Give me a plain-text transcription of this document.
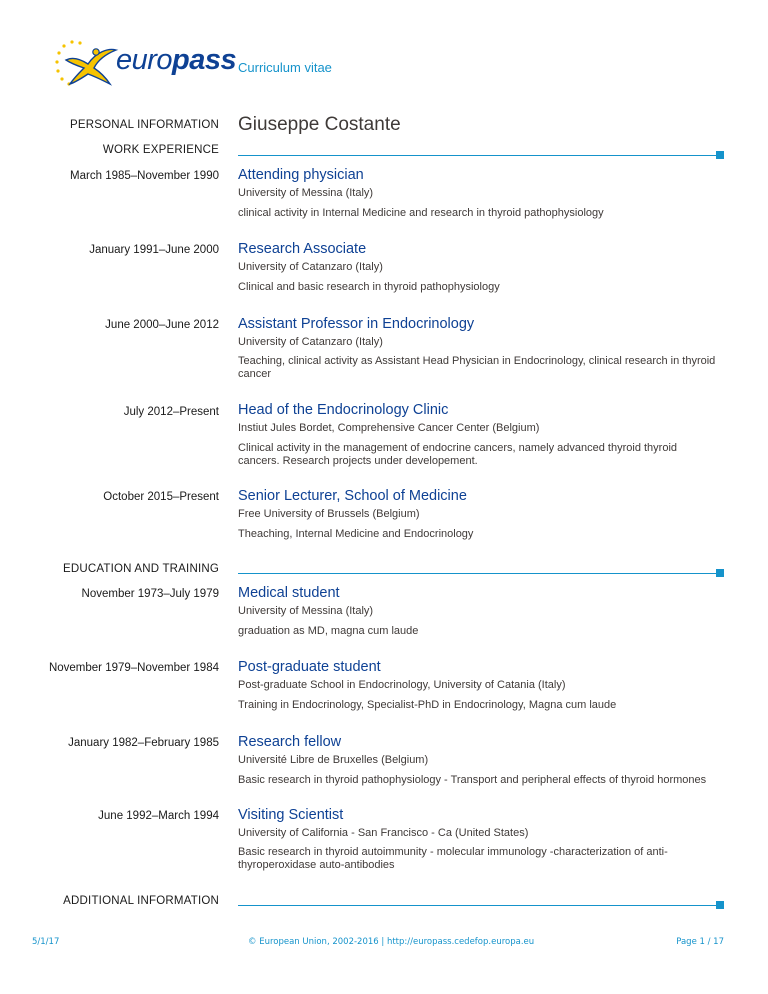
europass Curriculum vitae
PERSONAL INFORMATION Giuseppe Costante
WORK EXPERIENCE
March 1985–November 1990 Attending physician
University of Messina (Italy)
clinical activity in Internal Medicine and research in thyroid pathophysiology
January 1991–June 2000 Research Associate
University of Catanzaro (Italy)
Clinical and basic research in thyroid pathophysiology
June 2000–June 2012 Assistant Professor in Endocrinology
University of Catanzaro (Italy)
Teaching, clinical activity as Assistant Head Physician in Endocrinology, clinical research in thyroid cancer
July 2012–Present Head of the Endocrinology Clinic
Instiut Jules Bordet, Comprehensive Cancer Center (Belgium)
Clinical activity in the management of endocrine cancers, namely advanced thyroid thyroid cancers. Research projects under developement.
October 2015–Present Senior Lecturer, School of Medicine
Free University of Brussels (Belgium)
Theaching, Internal Medicine and Endocrinology
EDUCATION AND TRAINING
November 1973–July 1979 Medical student
University of Messina (Italy)
graduation as MD, magna cum laude
November 1979–November 1984 Post-graduate student
Post-graduate School in Endocrinology, University of Catania (Italy)
Training in Endocrinology, Specialist-PhD in Endocrinology, Magna cum laude
January 1982–February 1985 Research fellow
Université Libre de Bruxelles (Belgium)
Basic research in thyroid pathophysiology - Transport and peripheral effects of thyroid hormones
June 1992–March 1994 Visiting Scientist
University of California - San Francisco - Ca (United States)
Basic research in thyroid autoimmunity - molecular immunology -characterization of anti-thyroperoxidase auto-antibodies
ADDITIONAL INFORMATION
5/1/17	© European Union, 2002-2016 | http://europass.cedefop.europa.eu	Page 1 / 17
